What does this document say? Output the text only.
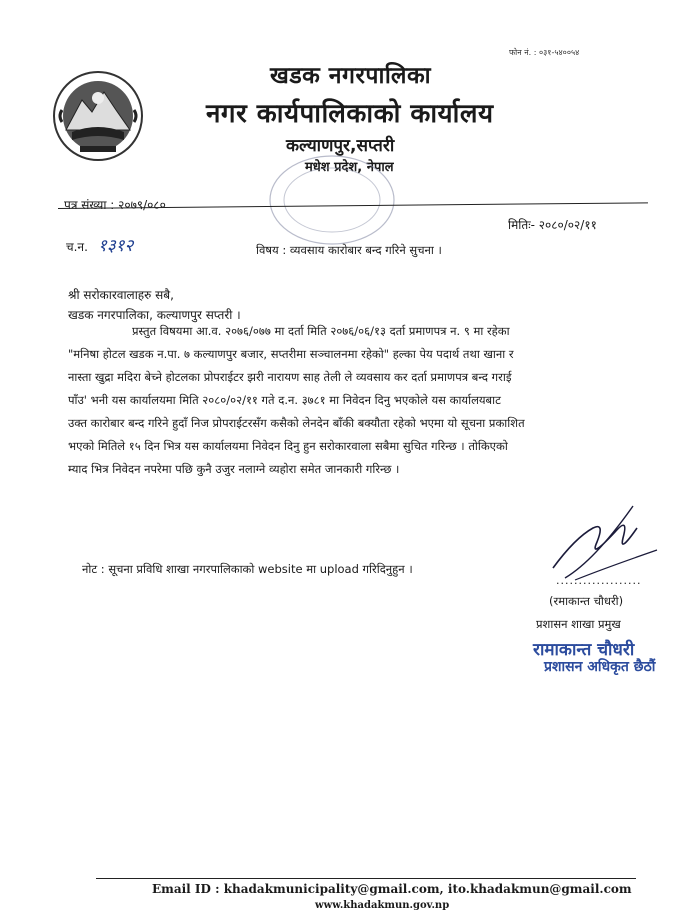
फोन नं. : ०३१-५४००५४
खडक नगरपालिका
नगर कार्यपालिकाको कार्यालय
कल्याणपुर,सप्तरी
मधेश प्रदेश, नेपाल
पत्र संख्या : २०७९/०८०
मितिः- २०८०/०२/११
च.न. १३१२	विषय : व्यवसाय कारोबार बन्द गरिने सुचना ।
श्री सरोकारवालाहरु सबै,
खडक नगरपालिका, कल्याणपुर सप्तरी ।
प्रस्तुत विषयमा आ.व. २०७६/०७७ मा दर्ता मिति २०७६/०६/१३ दर्ता प्रमाणपत्र न. ९ मा रहेका
"मनिषा होटल खडक न.पा. ७ कल्याणपुर बजार, सप्तरीमा सञ्चालनमा रहेको" हल्का पेय पदार्थ तथा खाना र
नास्ता खुद्रा मदिरा बेच्ने होटलका प्रोपराईटर झरी नारायण साह तेली ले व्यवसाय कर दर्ता प्रमाणपत्र बन्द गराई
पाँउ' भनी यस कार्यालयमा मिति २०८०/०२/११ गते द.न. ३७८१ मा निवेदन दिनु भएकोले यस कार्यालयबाट
उक्त कारोबार बन्द गरिने हुदाँ निज प्रोपराईटरसँग कसैको लेनदेन बाँकी बक्यौता रहेको भएमा यो सूचना प्रकाशित
भएको मितिले १५ दिन भित्र यस कार्यालयमा निवेदन दिनु हुन सरोकारवाला सबैमा सुचित गरिन्छ । तोकिएको
म्याद भित्र निवेदन नपरेमा पछि कुनै उजुर नलाग्ने व्यहोरा समेत जानकारी गरिन्छ ।
नोट : सूचना प्रविधि शाखा नगरपालिकाको website मा upload गरिदिनुहुन ।
...................
(रमाकान्त चौधरी)
प्रशासन शाखा प्रमुख
रामाकान्त चौधरी
प्रशासन अधिकृत छैठौं
Email ID : khadakmunicipality@gmail.com, ito.khadakmun@gmail.com
www.khadakmun.gov.np
